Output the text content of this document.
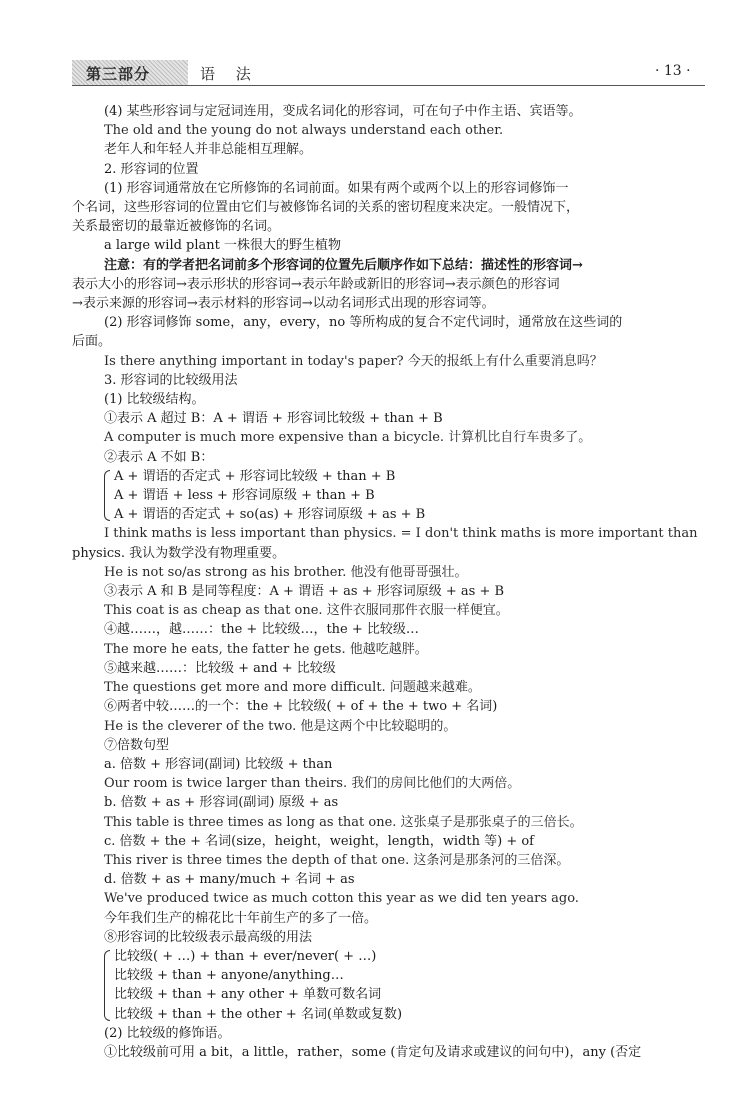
第三部分	语 法	· 13 ·

(4) 某些形容词与定冠词连用，变成名词化的形容词，可在句子中作主语、宾语等。

The old and the young do not always understand each other.

老年人和年轻人并非总能相互理解。

2. 形容词的位置

(1) 形容词通常放在它所修饰的名词前面。如果有两个或两个以上的形容词修饰一

个名词，这些形容词的位置由它们与被修饰名词的关系的密切程度来决定。一般情况下，

关系最密切的最靠近被修饰的名词。

a large wild plant 一株很大的野生植物

注意：有的学者把名词前多个形容词的位置先后顺序作如下总结：描述性的形容词→

表示大小的形容词→表示形状的形容词→表示年龄或新旧的形容词→表示颜色的形容词

→表示来源的形容词→表示材料的形容词→以动名词形式出现的形容词等。

(2) 形容词修饰 some，any，every，no 等所构成的复合不定代词时，通常放在这些词的

后面。

Is there anything important in today's paper? 今天的报纸上有什么重要消息吗？

3. 形容词的比较级用法

(1) 比较级结构。

①表示 A 超过 B：A + 谓语 + 形容词比较级 + than + B

A computer is much more expensive than a bicycle. 计算机比自行车贵多了。

②表示 A 不如 B：

A + 谓语的否定式 + 形容词比较级 + than + B

A + 谓语 + less + 形容词原级 + than + B

A + 谓语的否定式 + so(as) + 形容词原级 + as + B

I think maths is less important than physics. = I don't think maths is more important than

physics. 我认为数学没有物理重要。

He is not so/as strong as his brother. 他没有他哥哥强壮。

③表示 A 和 B 是同等程度：A + 谓语 + as + 形容词原级 + as + B

This coat is as cheap as that one. 这件衣服同那件衣服一样便宜。

④越……，越……：the + 比较级…，the + 比较级…

The more he eats, the fatter he gets. 他越吃越胖。

⑤越来越……：比较级 + and + 比较级

The questions get more and more difficult. 问题越来越难。

⑥两者中较……的一个：the + 比较级( + of + the + two + 名词)

He is the cleverer of the two. 他是这两个中比较聪明的。

⑦倍数句型

a. 倍数 + 形容词(副词) 比较级 + than

Our room is twice larger than theirs. 我们的房间比他们的大两倍。

b. 倍数 + as + 形容词(副词) 原级 + as

This table is three times as long as that one. 这张桌子是那张桌子的三倍长。

c. 倍数 + the + 名词(size，height，weight，length，width 等) + of

This river is three times the depth of that one. 这条河是那条河的三倍深。

d. 倍数 + as + many/much + 名词 + as

We've produced twice as much cotton this year as we did ten years ago.

今年我们生产的棉花比十年前生产的多了一倍。

⑧形容词的比较级表示最高级的用法

比较级( + …) + than + ever/never( + …)

比较级 + than + anyone/anything…

比较级 + than + any other + 单数可数名词

比较级 + than + the other + 名词(单数或复数)

(2) 比较级的修饰语。

①比较级前可用 a bit，a little，rather，some (肯定句及请求或建议的问句中)，any (否定
